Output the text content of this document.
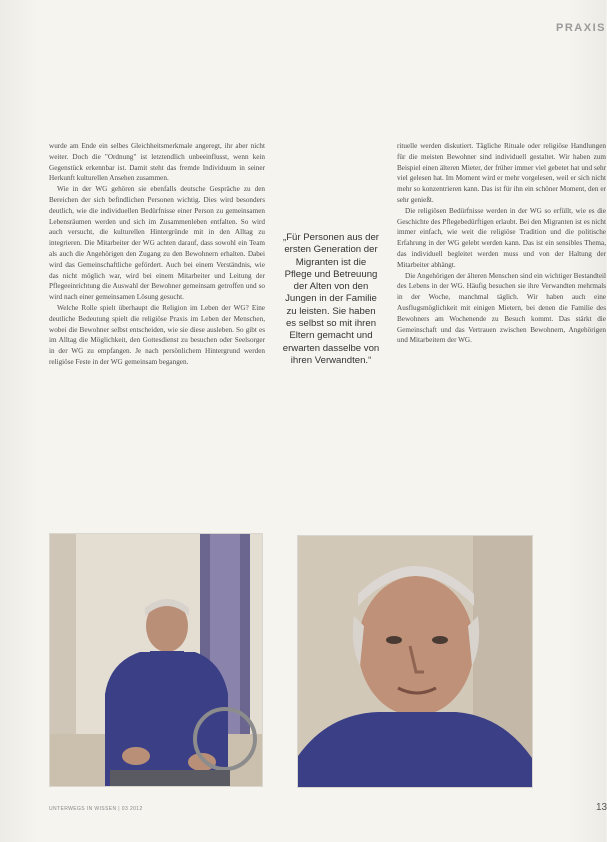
PRAXIS

wurde am Ende ein selbes Gleichheitsmerkmale angeregt, ihr aber nicht weiter. Doch die "Ordnung" ist letztendlich unbeeinflusst, wenn kein Gegenstück erkennbar ist. Damit steht das fremde Individuum in seiner Herkunft kulturellen Ansehen zusammen.

Wie in der WG gehören sie ebenfalls deutsche Gespräche zu den Bereichen der sich befindlichen Personen wichtig. Dies wird besonders deutlich, wie die individuellen Bedürfnisse einer Person zu gemeinsamen Lebensräumen werden und sich im Zusammenleben entfalten. So wird auch versucht, die kulturellen Hintergründe mit in den Alltag zu integrieren. Die Mitarbeiter der WG achten darauf, dass sowohl ein Team als auch die Angehörigen den Zugang zu den Bewohnern erhalten. Dabei wird das Gemeinschaftliche gefördert. Auch bei einem Verständnis, wie das nicht möglich war, wird bei einem Mitarbeiter und Leitung der Pflegeeinrichtung die Auswahl der Bewohner gemeinsam getroffen und so wird nach einer gemeinsamen Lösung gesucht.

Welche Rolle spielt überhaupt die Religion im Leben der WG? Eine deutliche Bedeutung spielt die religiöse Praxis im Leben der Menschen, wobei die Bewohner selbst entscheiden, wie sie diese ausleben. So gibt es im Alltag die Möglichkeit, den Gottesdienst zu besuchen oder Seelsorger in der WG zu empfangen. Je nach persönlichem Hintergrund werden religiöse Feste in der WG gemeinsam begangen.

„Für Personen aus der ersten Generation der Migranten ist die Pflege und Betreuung der Alten von den Jungen in der Familie zu leisten. Sie haben es selbst so mit ihren Eltern gemacht und erwarten dasselbe von ihren Verwandten.“

rituelle werden diskutiert. Tägliche Rituale oder religiöse Handlungen für die meisten Bewohner sind individuell gestaltet. Wir haben zum Beispiel einen älteren Mieter, der früher immer viel gebetet hat und sehr viel gelesen hat. Im Moment wird er mehr vorgelesen, weil er sich nicht mehr so konzentrieren kann. Das ist für ihn ein schöner Moment, den er sehr genießt.

Die religiösen Bedürfnisse werden in der WG so erfüllt, wie es die Geschichte des Pflegebedürftigen erlaubt. Bei den Migranten ist es nicht immer einfach, wie weit die religiöse Tradition und die politische Erfahrung in der WG gelebt werden kann. Das ist ein sensibles Thema, das individuell begleitet werden muss und von der Haltung der Mitarbeiter abhängt.

Die Angehörigen der älteren Menschen sind ein wichtiger Bestandteil des Lebens in der WG. Häufig besuchen sie ihre Verwandten mehrmals in der Woche, manchmal täglich. Wir haben auch eine Ausflugsmöglichkeit mit einigen Mietern, bei denen die Familie des Bewohners am Wochenende zu Besuch kommt. Das stärkt die Gemeinschaft und das Vertrauen zwischen Bewohnern, Angehörigen und Mitarbeitern der WG.

UNTERWEGS IN WISSEN | 03 2012	13
